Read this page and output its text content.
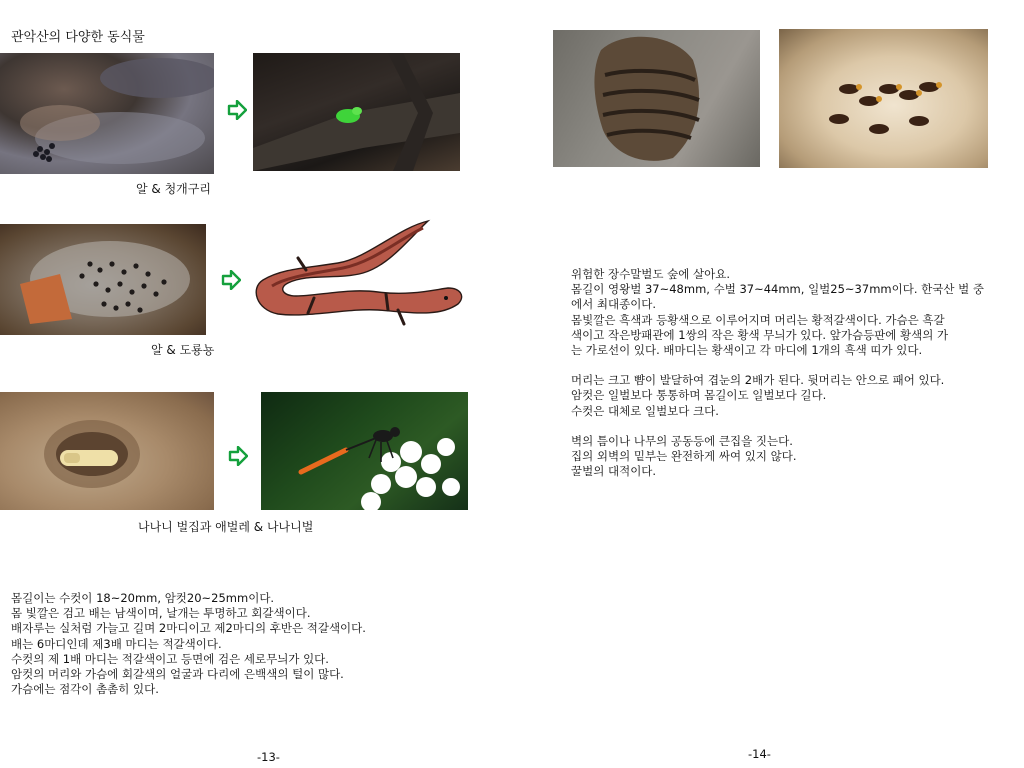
관악산의 다양한 동식물
알 & 청개구리
알 & 도룡뇽
나나니 벌집과 애벌레 & 나나니벌

몸길이는 수컷이 18~20mm, 암컷20~25mm이다.

몸 빛깔은 검고 배는 남색이며, 날개는 투명하고 회갈색이다.

배자루는 실처럼 가늘고 길며 2마디이고 제2마디의 후반은 적갈색이다.

배는 6마디인데 제3배 마디는 적갈색이다.

수컷의 제 1배 마디는 적갈색이고 등면에 검은 세로무늬가 있다.

암컷의 머리와 가슴에 회갈색의 얼굴과 다리에 은백색의 털이 많다.

가슴에는 점각이 촘촘히 있다.

-13-

위험한 장수말벌도 숲에 살아요.

몸길이 영왕벌 37~48mm, 수벌 37~44mm, 일벌25~37mm이다. 한국산 벌 중

에서 최대종이다.

몸빛깔은 흑색과 등황색으로 이루어지며 머리는 황적갈색이다. 가슴은 흑갈

색이고 작은방패관에 1쌍의 작은 황색 무늬가 있다. 앞가슴등판에 황색의 가

는 가로선이 있다. 배마디는 황색이고 각 마디에 1개의 흑색 띠가 있다.

머리는 크고 뺨이 발달하여 겹눈의 2배가 된다. 뒷머리는 안으로 패어 있다.

암컷은 일벌보다 통통하며 몸길이도 일벌보다 길다.

수컷은 대체로 일벌보다 크다.

벽의 틈이나 나무의 공동등에 큰집을 짓는다.

집의 외벽의 밑부는 완전하게 싸여 있지 않다.

꿀벌의 대적이다.

-14-
